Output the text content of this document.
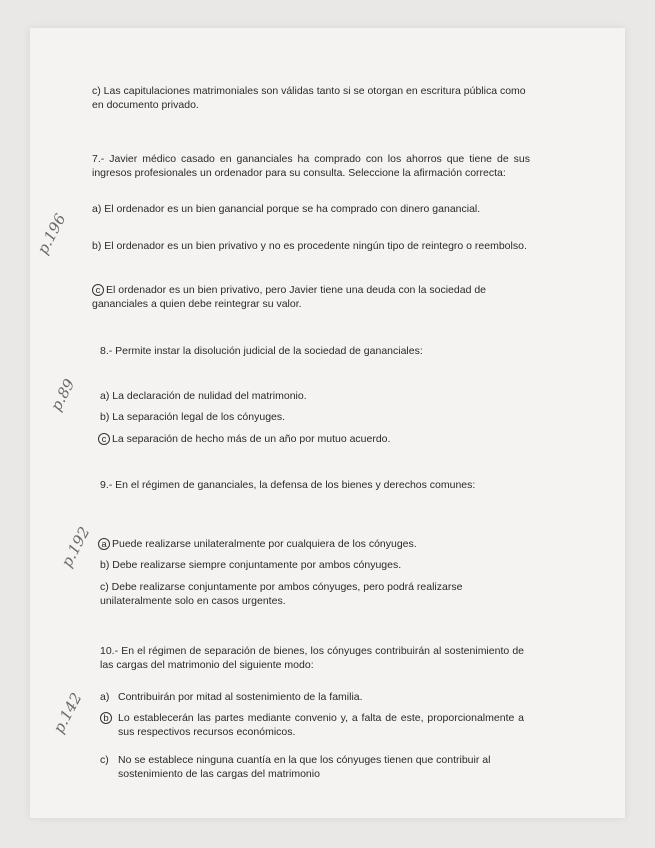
c) Las capitulaciones matrimoniales son válidas tanto si se otorgan en escritura pública como en documento privado.
7.- Javier médico casado en gananciales ha comprado con los ahorros que tiene de sus ingresos profesionales un ordenador para su consulta. Seleccione la afirmación correcta:
a) El ordenador es un bien ganancial porque se ha comprado con dinero ganancial.
b) El ordenador es un bien privativo y no es procedente ningún tipo de reintegro o reembolso.
c El ordenador es un bien privativo, pero Javier tiene una deuda con la sociedad de gananciales a quien debe reintegrar su valor.
p.196
8.- Permite instar la disolución judicial de la sociedad de gananciales:
a) La declaración de nulidad del matrimonio.
b) La separación legal de los cónyuges.
c La separación de hecho más de un año por mutuo acuerdo.
p.89
9.- En el régimen de gananciales, la defensa de los bienes y derechos comunes:
a Puede realizarse unilateralmente por cualquiera de los cónyuges.
b) Debe realizarse siempre conjuntamente por ambos cónyuges.
c) Debe realizarse conjuntamente por ambos cónyuges, pero podrá realizarse unilateralmente solo en casos urgentes.
p.192
10.- En el régimen de separación de bienes, los cónyuges contribuirán al sostenimiento de las cargas del matrimonio del siguiente modo:
a) Contribuirán por mitad al sostenimiento de la familia.
b Lo establecerán las partes mediante convenio y, a falta de este, proporcionalmente a sus respectivos recursos económicos.
c) No se establece ninguna cuantía en la que los cónyuges tienen que contribuir al sostenimiento de las cargas del matrimonio
p.142
